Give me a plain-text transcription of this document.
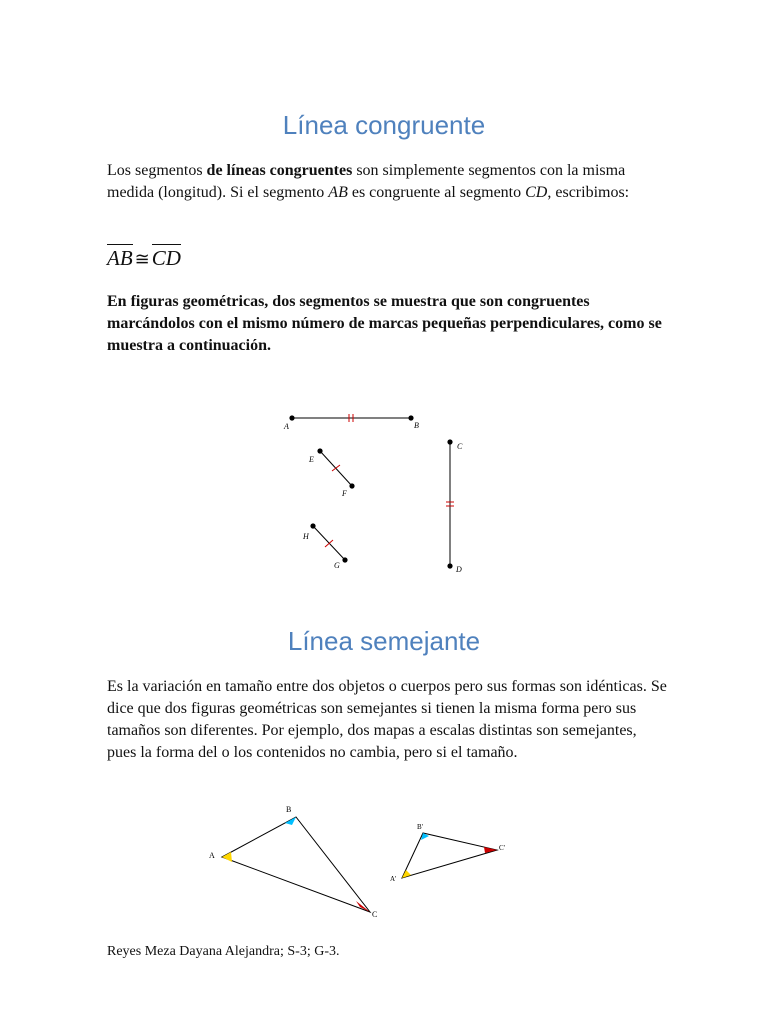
Línea congruente

Los segmentos de líneas congruentes son simplemente segmentos con la misma medida (longitud). Si el segmento AB es congruente al segmento CD, escribimos:

AB ≅CD

En figuras geométricas, dos segmentos se muestra que son congruentes marcándolos con el mismo número de marcas pequeñas perpendiculares, como se muestra a continuación.

A	B
C
D
E
F
H
G
Línea semejante

Es la variación en tamaño entre dos objetos o cuerpos pero sus formas son idénticas. Se dice que dos figuras geométricas son semejantes si tienen la misma forma pero sus tamaños son diferentes. Por ejemplo, dos mapas a escalas distintas son semejantes, pues la forma del o los contenidos no cambia, pero si el tamaño.

A
B
C
A'
B'
C'

Reyes Meza Dayana Alejandra; S-3; G-3.
